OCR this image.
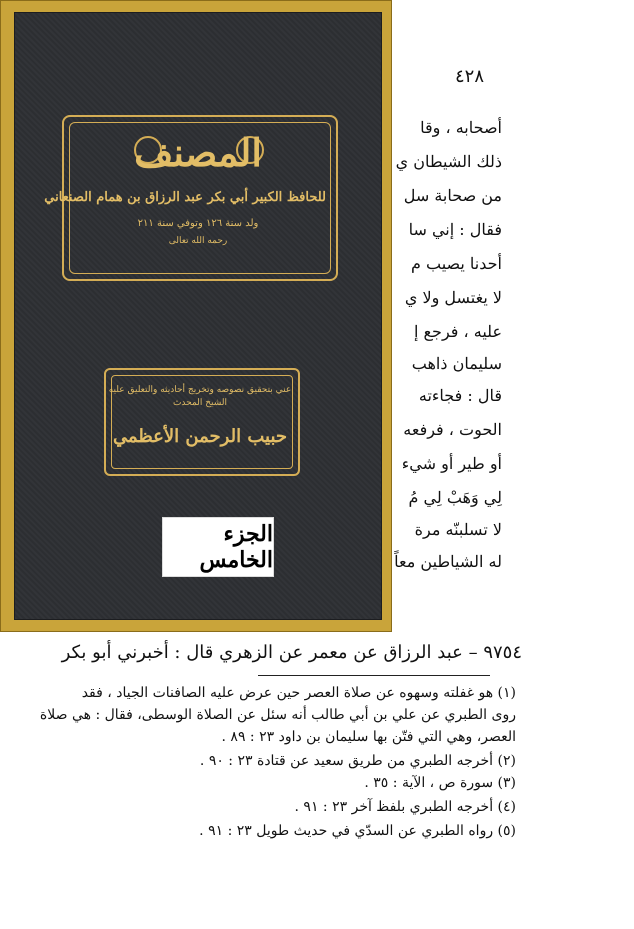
٤٢٨
أصحابه ، وقا
ذلك الشيطان ي
من صحابة سل
فقال : إني سا
أحدنا يصيب م
لا يغتسل ولا ي
عليه ، فرجع إ
سليمان ذاهب
قال : فجاءته
الحوت ، فرفعه
أو طير أو شيء
لِي وَهَبْ لِي مُ
لا تسلبنّه مرة
له الشياطين معاً
المصنف
للحافظ الكبير أبي بكر عبد الرزاق بن همام الصنعاني
ولد سنة ١٢٦ وتوفي سنة ٢١١
رحمه الله تعالى
عني بتحقيق نصوصه وتخريج أحاديثه والتعليق عليه الشيخ المحدث
حبيب الرحمن الأعظمي
الجزء الخامس
٩٧٥٤ – عبد الرزاق عن معمر عن الزهري قال : أخبرني أبو بكر
(١) هو غفلته وسهوه عن صلاة العصر حين عرض عليه الصافنات الجياد ، فقد
روى الطبري عن علي بن أبي طالب أنه سئل عن الصلاة الوسطى، فقال : هي صلاة
العصر، وهي التي فتّن بها سليمان بن داود ٢٣ : ٨٩ .
(٢) أخرجه الطبري من طريق سعيد عن قتادة ٢٣ : ٩٠ .
(٣) سورة ص ، الآية : ٣٥ .
(٤) أخرجه الطبري بلفظ آخر ٢٣ : ٩١ .
(٥) رواه الطبري عن السدّي في حديث طويل ٢٣ : ٩١ .
